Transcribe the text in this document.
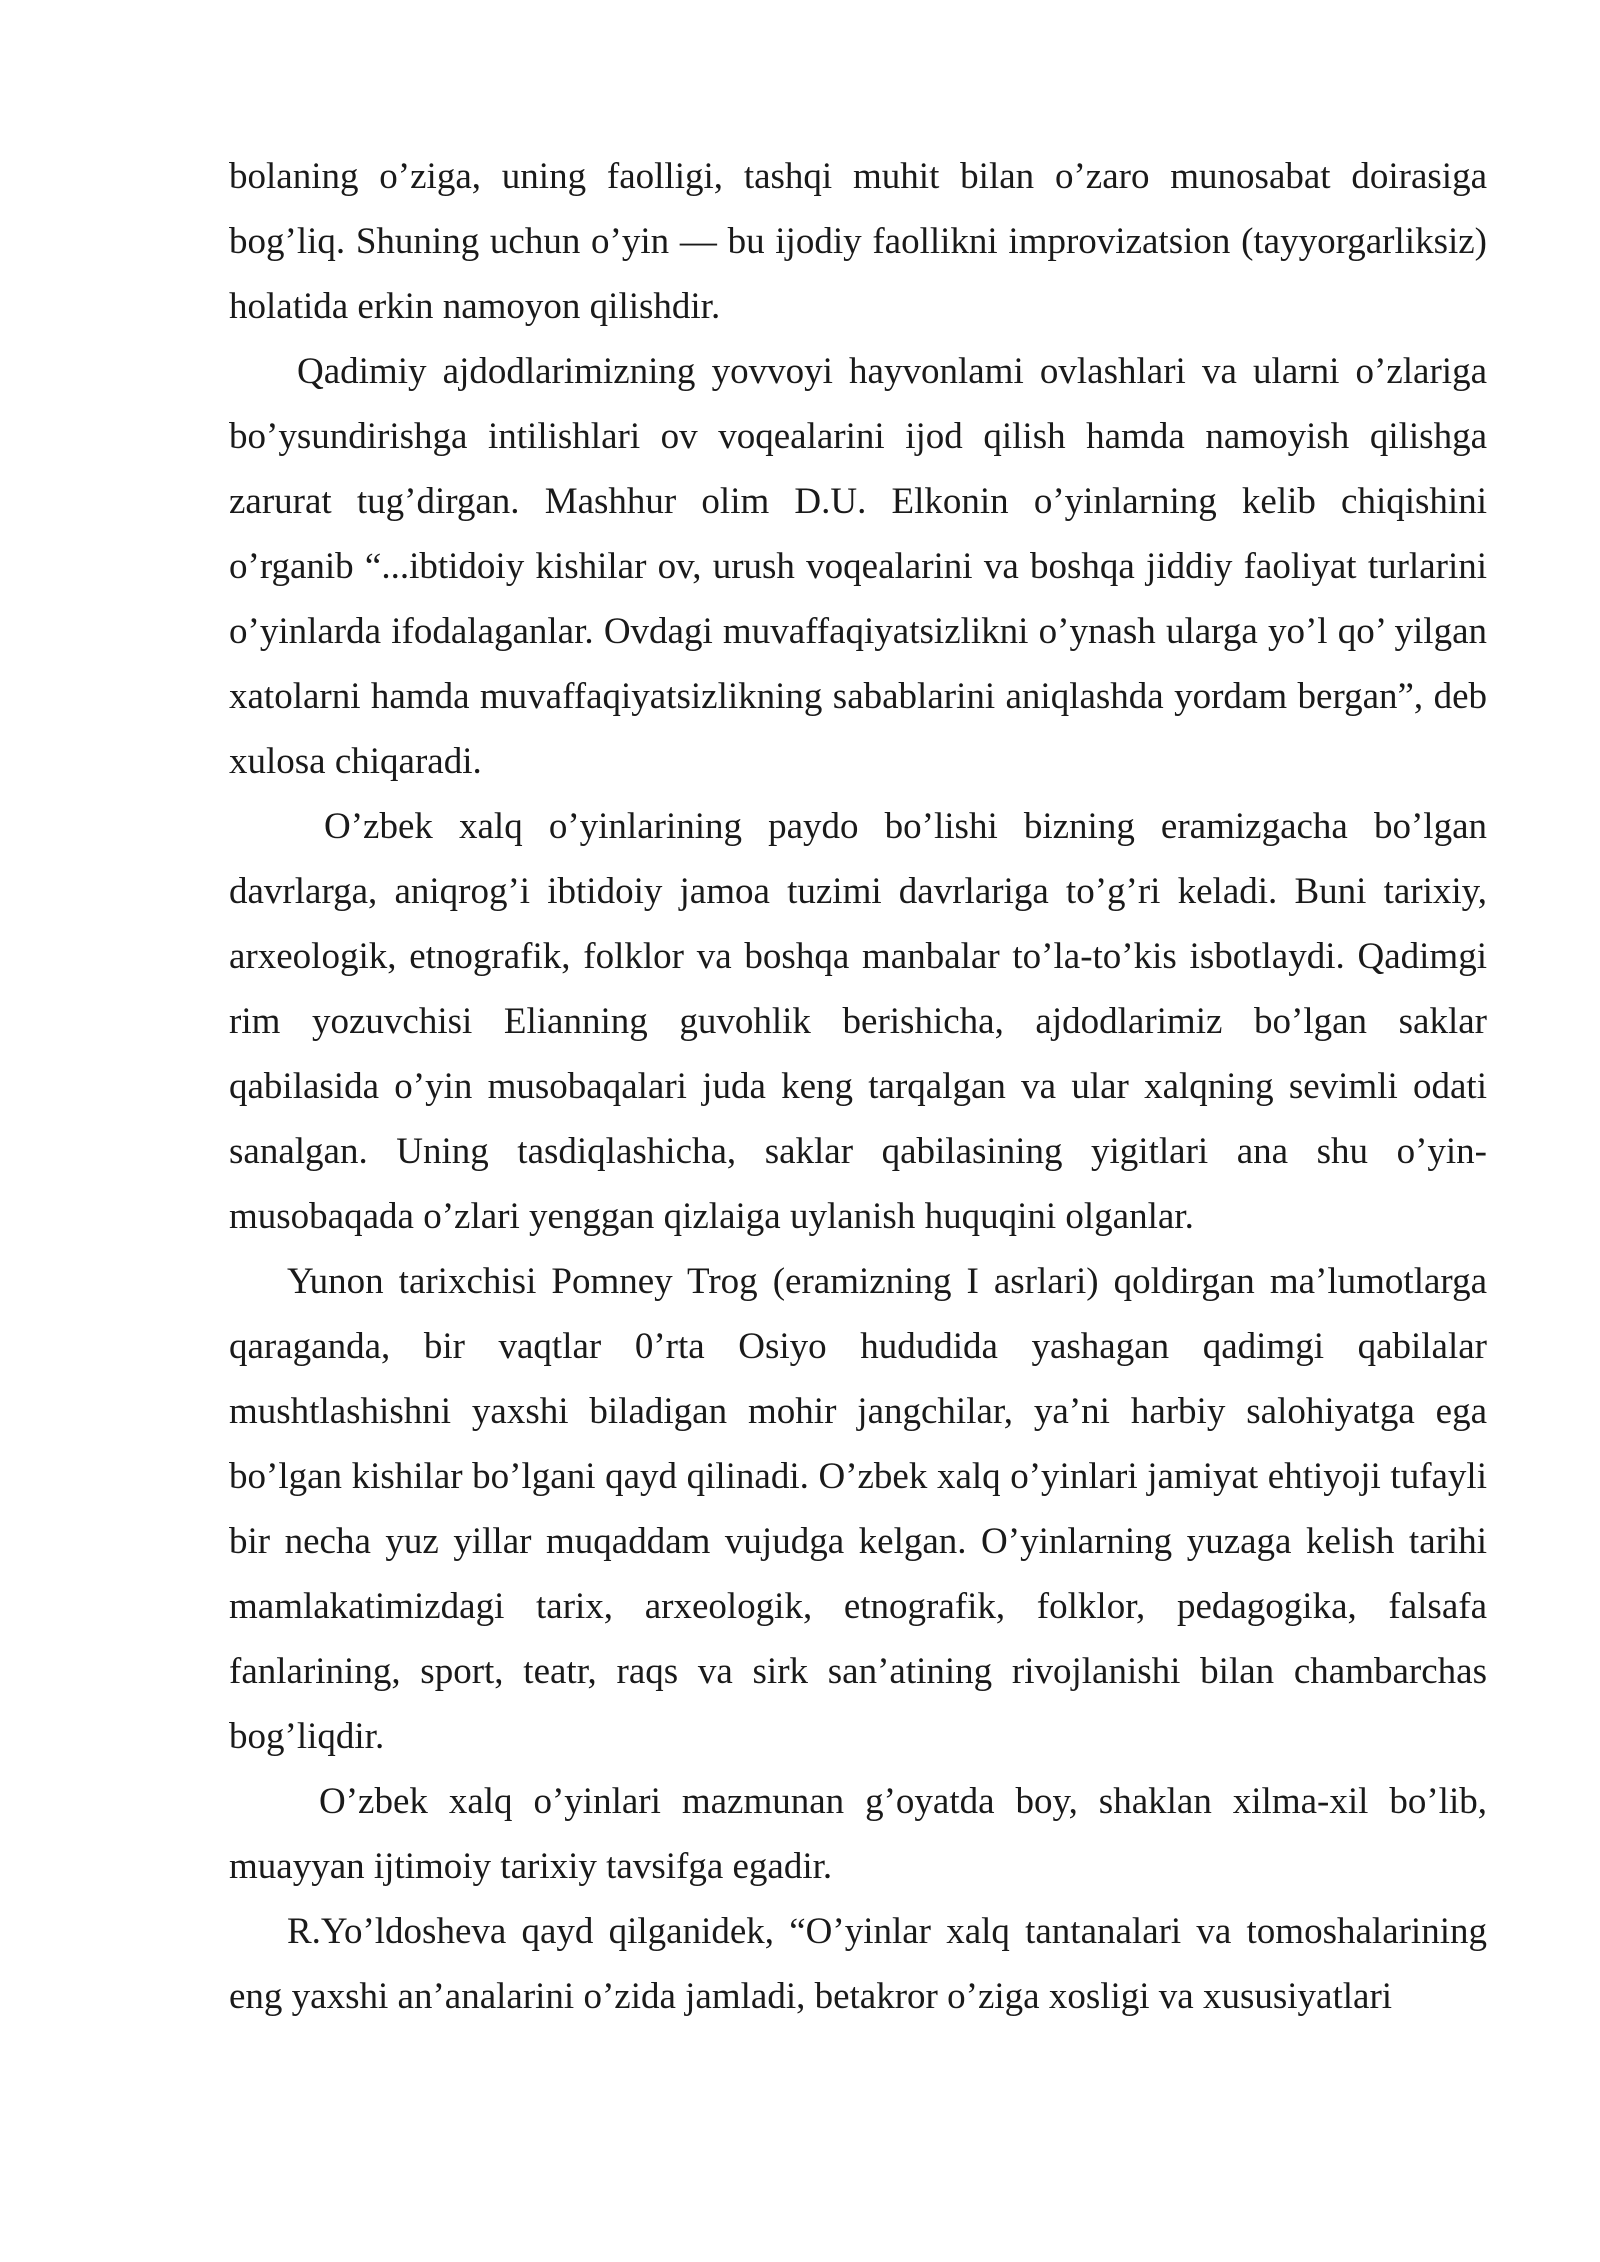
bolaning o’ziga, uning faolligi, tashqi muhit bilan o’zaro munosabat doirasiga bog’liq. Shuning uchun o’yin — bu ijodiy faollikni improvizatsion (tayyorgarliksiz) holatida erkin namoyon qilishdir.

Qadimiy ajdodlarimizning yovvoyi hayvonlami ovlashlari va ularni o’zlariga bo’ysundirishga intilishlari ov voqealarini ijod qilish hamda namoyish qilishga zarurat tug’dirgan. Mashhur olim D.U. Elkonin o’yinlarning kelib chiqishini o’rganib “...ibtidoiy kishilar ov, urush voqealarini va boshqa jiddiy faoliyat turlarini o’yinlarda ifodalaganlar. Ovdagi muvaffaqiyatsizlikni o’ynash ularga yo’l qo’ yilgan xatolarni hamda muvaffaqiyatsizlikning sabablarini aniqlashda yordam bergan”, deb xulosa chiqaradi.

O’zbek xalq o’yinlarining paydo bo’lishi bizning eramizgacha bo’lgan davrlarga, aniqrog’i ibtidoiy jamoa tuzimi davrlariga to’g’ri keladi. Buni tarixiy, arxeologik, etnografik, folklor va boshqa manbalar to’la-to’kis isbotlaydi. Qadimgi rim yozuvchisi Elianning guvohlik berishicha, ajdodlarimiz bo’lgan saklar qabilasida o’yin musobaqalari juda keng tarqalgan va ular xalqning sevimli odati sanalgan. Uning tasdiqlashicha, saklar qabilasining yigitlari ana shu o’yin-musobaqada o’zlari yenggan qizlaiga uylanish huquqini olganlar.

Yunon tarixchisi Pomney Trog (eramizning I asrlari) qoldirgan ma’lumotlarga qaraganda, bir vaqtlar 0’rta Osiyo hududida yashagan qadimgi qabilalar mushtlashishni yaxshi biladigan mohir jangchilar, ya’ni harbiy salohiyatga ega bo’lgan kishilar bo’lgani qayd qilinadi. O’zbek xalq o’yinlari jamiyat ehtiyoji tufayli bir necha yuz yillar muqaddam vujudga kelgan. O’yinlarning yuzaga kelish tarihi mamlakatimizdagi tarix, arxeologik, etnografik, folklor, pedagogika, falsafa fanlarining, sport, teatr, raqs va sirk san’atining rivojlanishi bilan chambarchas bog’liqdir.

O’zbek xalq o’yinlari mazmunan g’oyatda boy, shaklan xilma-xil bo’lib, muayyan ijtimoiy tarixiy tavsifga egadir.

R.Yo’ldosheva qayd qilganidek, “O’yinlar xalq tantanalari va tomoshalarining eng yaxshi an’analarini o’zida jamladi, betakror o’ziga xosligi va xususiyatlari
